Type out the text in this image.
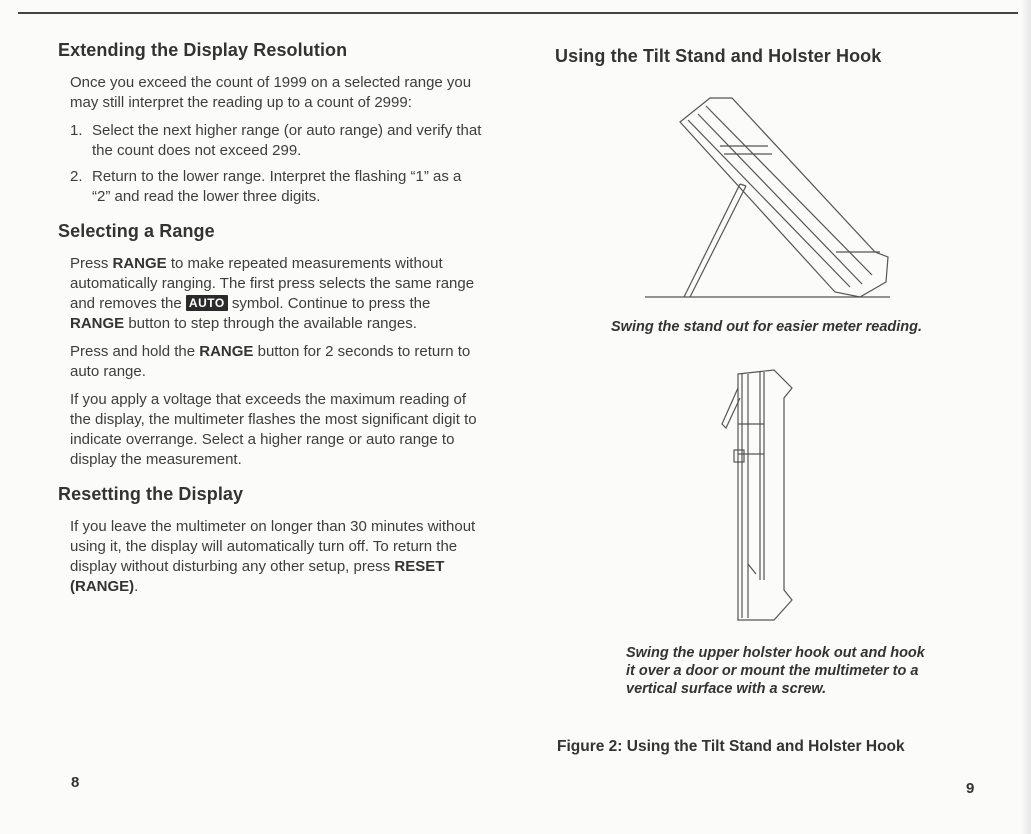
Extending the Display Resolution

Once you exceed the count of 1999 on a selected range you may still interpret the reading up to a count of 2999:

1. Select the next higher range (or auto range) and verify that the count does not exceed 299.
2. Return to the lower range. Interpret the flashing “1” as a “2” and read the lower three digits.
Selecting a Range

Press RANGE to make repeated measurements without automatically ranging. The first press selects the same range and removes the AUTO symbol. Continue to press the RANGE button to step through the available ranges.

Press and hold the RANGE button for 2 seconds to return to auto range.

If you apply a voltage that exceeds the maximum reading of the display, the multimeter flashes the most significant digit to indicate overrange. Select a higher range or auto range to display the measurement.

Resetting the Display

If you leave the multimeter on longer than 30 minutes without using it, the display will automatically turn off. To return the display without disturbing any other setup, press RESET (RANGE).

8
Using the Tilt Stand and Holster Hook
Swing the stand out for easier meter reading.
Swing the upper holster hook out and hook it over a door or mount the multimeter to a vertical surface with a screw.
Figure 2: Using the Tilt Stand and Holster Hook
9
